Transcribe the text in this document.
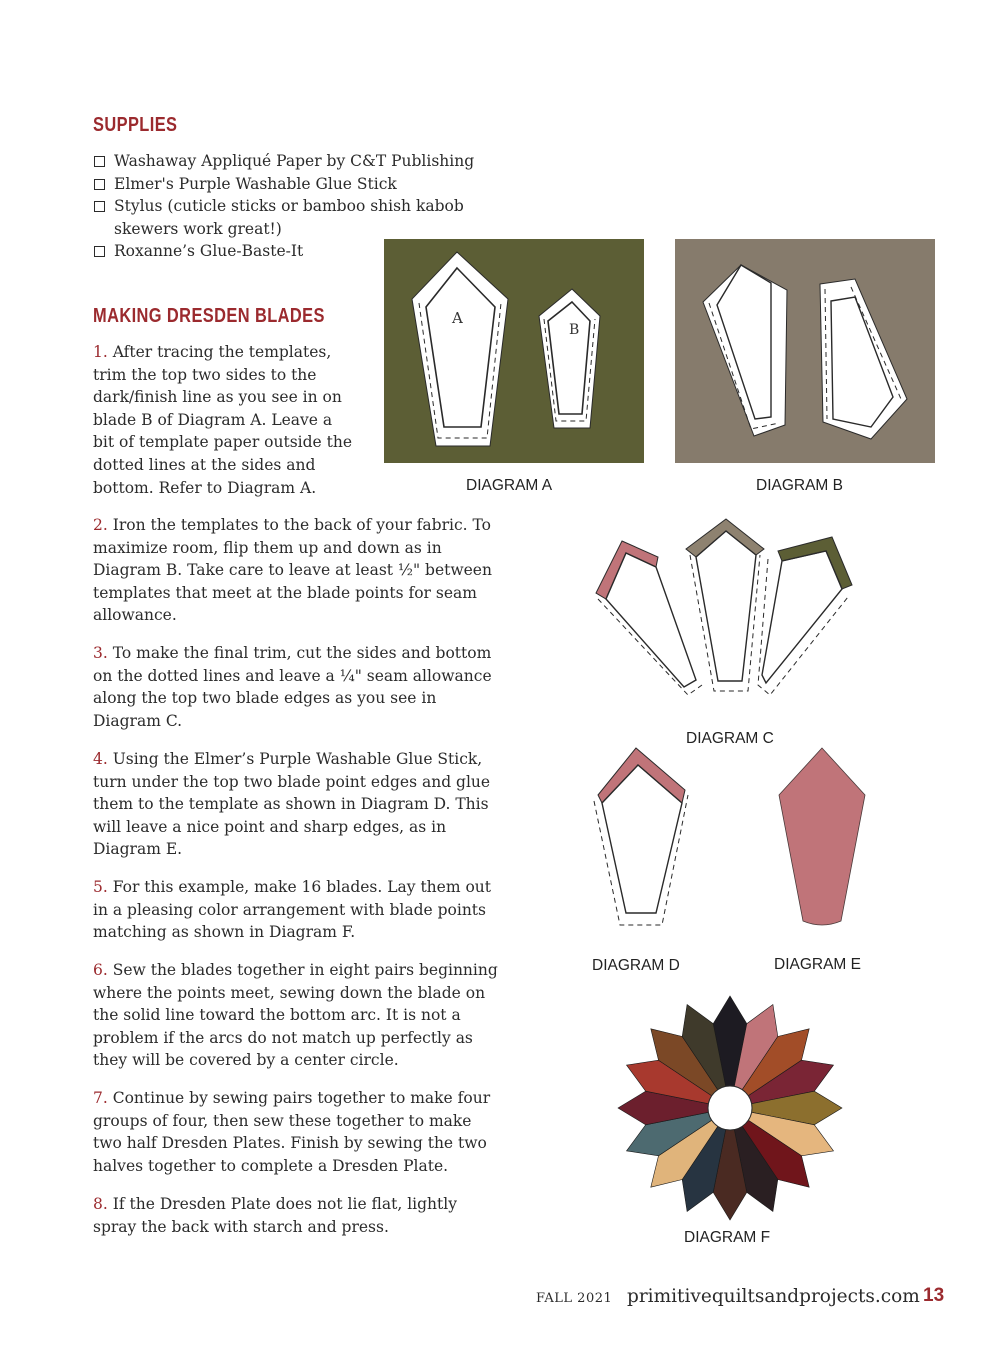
SUPPLIES
Washaway Appliqué Paper by C&T Publishing
Elmer's Purple Washable Glue Stick
Stylus (cuticle sticks or bamboo shish kabob skewers work great!)
Roxanne’s Glue-Baste-It
MAKING DRESDEN BLADES

1. After tracing the templates, trim the top two sides to the dark/finish line as you see in on blade B of Diagram A. Leave a bit of template paper outside the dotted lines at the sides and bottom. Refer to Diagram A.

2. Iron the templates to the back of your fabric. To maximize room, flip them up and down as in Diagram B. Take care to leave at least ½" between templates that meet at the blade points for seam allowance.

3. To make the final trim, cut the sides and bottom on the dotted lines and leave a ¼" seam allowance along the top two blade edges as you see in Diagram C.

4. Using the Elmer’s Purple Washable Glue Stick, turn under the top two blade point edges and glue them to the template as shown in Diagram D. This will leave a nice point and sharp edges, as in Diagram E.

5. For this example, make 16 blades. Lay them out in a pleasing color arrangement with blade points matching as shown in Diagram F.

6. Sew the blades together in eight pairs beginning where the points meet, sewing down the blade on the solid line toward the bottom arc. It is not a problem if the arcs do not match up perfectly as they will be covered by a center circle.

7. Continue by sewing pairs together to make four groups of four, then sew these together to make two half Dresden Plates. Finish by sewing the two halves together to complete a Dresden Plate.

8. If the Dresden Plate does not lie flat, lightly spray the back with starch and press.

A
B
DIAGRAM A	DIAGRAM B
DIAGRAM C
DIAGRAM D	DIAGRAM E
DIAGRAM F
FALL 2021 primitivequiltsandprojects.com 13
